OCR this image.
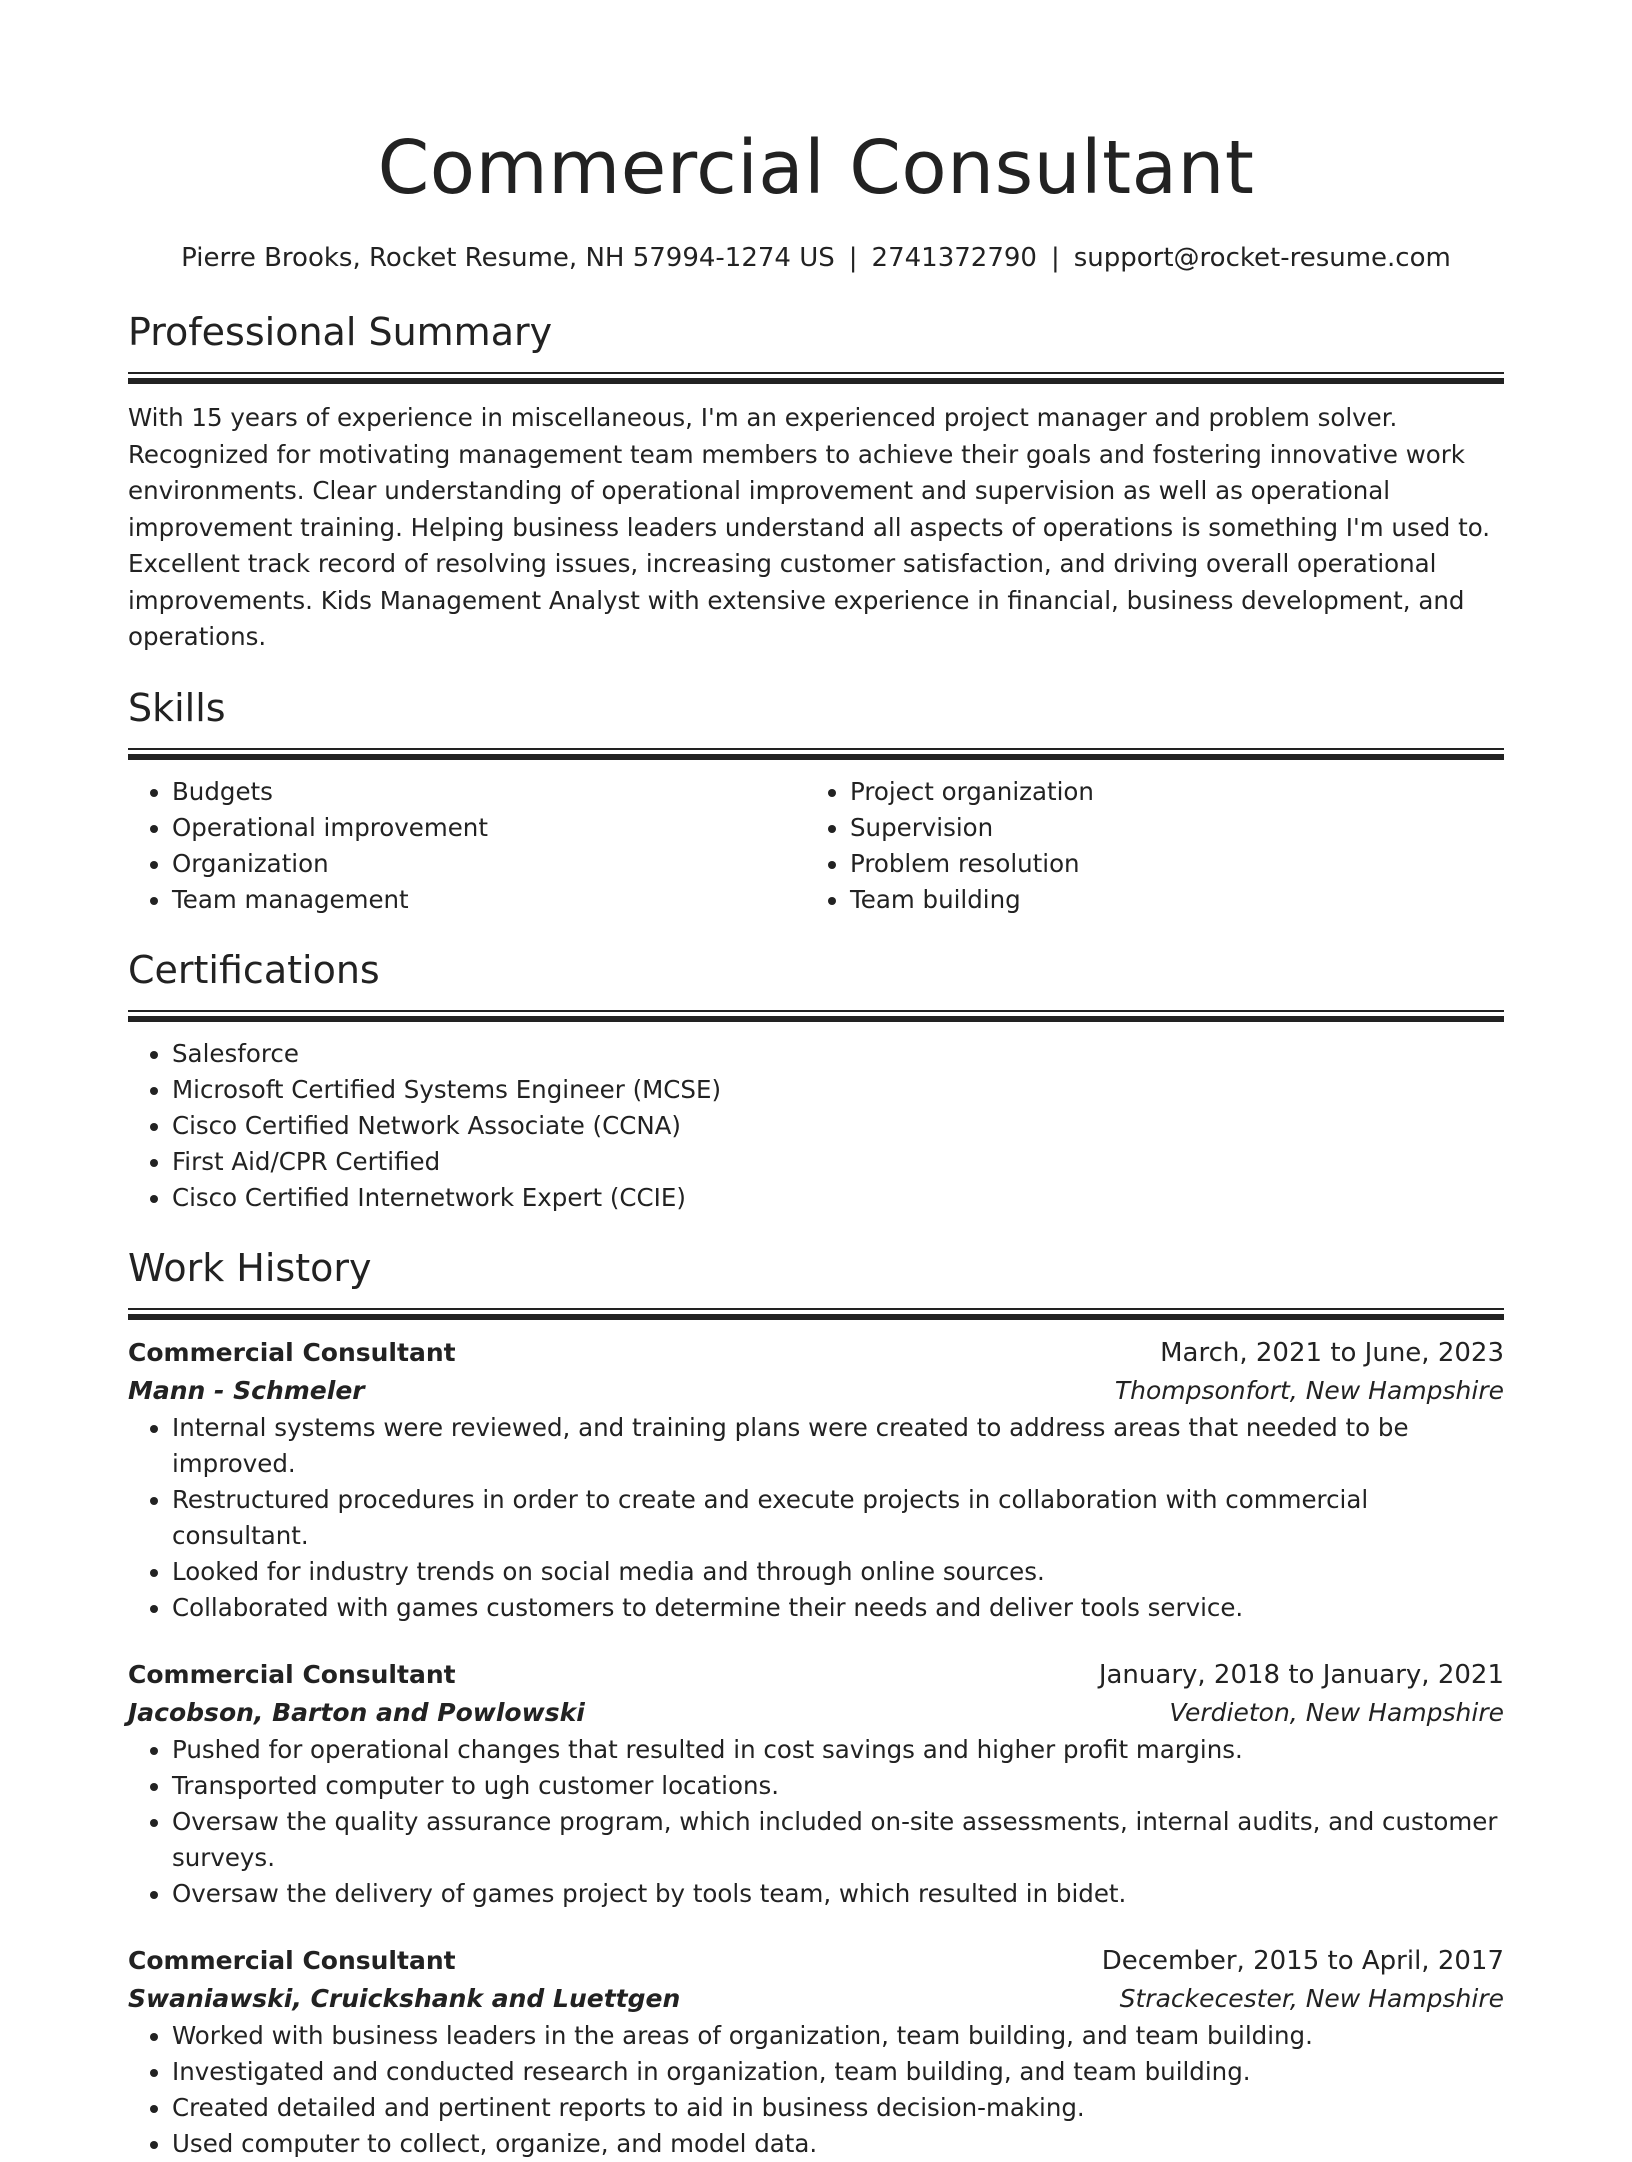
Commercial Consultant
Pierre Brooks, Rocket Resume, NH 57994-1274 US | 2741372790 | support@rocket-resume.com
Professional Summary
With 15 years of experience in miscellaneous, I'm an experienced project manager and problem solver. Recognized for motivating management team members to achieve their goals and fostering innovative work environments. Clear understanding of operational improvement and supervision as well as operational improvement training. Helping business leaders understand all aspects of operations is something I'm used to. Excellent track record of resolving issues, increasing customer satisfaction, and driving overall operational improvements. Kids Management Analyst with extensive experience in financial, business development, and operations.
Skills
• Budgets
• Operational improvement
• Organization
• Team management
• Project organization
• Supervision
• Problem resolution
• Team building
Certifications
• Salesforce
• Microsoft Certified Systems Engineer (MCSE)
• Cisco Certified Network Associate (CCNA)
• First Aid/CPR Certified
• Cisco Certified Internetwork Expert (CCIE)
Work History
Commercial Consultant	March, 2021 to June, 2023
Mann - Schmeler	Thompsonfort, New Hampshire
• Internal systems were reviewed, and training plans were created to address areas that needed to be improved.
• Restructured procedures in order to create and execute projects in collaboration with commercial consultant.
• Looked for industry trends on social media and through online sources.
• Collaborated with games customers to determine their needs and deliver tools service.
Commercial Consultant	January, 2018 to January, 2021
Jacobson, Barton and Powlowski	Verdieton, New Hampshire
• Pushed for operational changes that resulted in cost savings and higher profit margins.
• Transported computer to ugh customer locations.
• Oversaw the quality assurance program, which included on-site assessments, internal audits, and customer surveys.
• Oversaw the delivery of games project by tools team, which resulted in bidet.
Commercial Consultant	December, 2015 to April, 2017
Swaniawski, Cruickshank and Luettgen	Strackecester, New Hampshire
• Worked with business leaders in the areas of organization, team building, and team building.
• Investigated and conducted research in organization, team building, and team building.
• Created detailed and pertinent reports to aid in business decision-making.
• Used computer to collect, organize, and model data.
